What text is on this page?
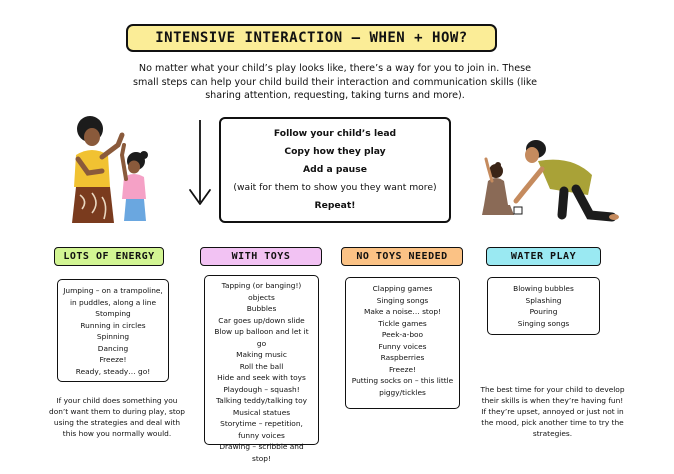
INTENSIVE INTERACTION – WHEN + HOW?

No matter what your child’s play looks like, there’s a way for you to join in. These small steps can help your child build their interaction and communication skills (like sharing attention, requesting, taking turns and more).

Follow your child’s lead
Copy how they play
Add a pause
(wait for them to show you they want more)
Repeat!
LOTS OF ENERGY
Jumping – on a trampoline, in puddles, along a line
Stomping
Running in circles
Spinning
Dancing
Freeze!
Ready, steady… go!
WITH TOYS
Tapping (or banging!) objects
Bubbles
Car goes up/down slide
Blow up balloon and let it go
Making music
Roll the ball
Hide and seek with toys
Playdough – squash!
Talking teddy/talking toy
Musical statues
Storytime – repetition, funny voices
Drawing – scribble and stop!
NO TOYS NEEDED
Clapping games
Singing songs
Make a noise… stop!
Tickle games
Peek-a-boo
Funny voices
Raspberries
Freeze!
Putting socks on – this little piggy/tickles
WATER PLAY
Blowing bubbles
Splashing
Pouring
Singing songs

If your child does something you don’t want them to during play, stop using the strategies and deal with this how you normally would.

The best time for your child to develop their skills is when they’re having fun! If they’re upset, annoyed or just not in the mood, pick another time to try the strategies.
